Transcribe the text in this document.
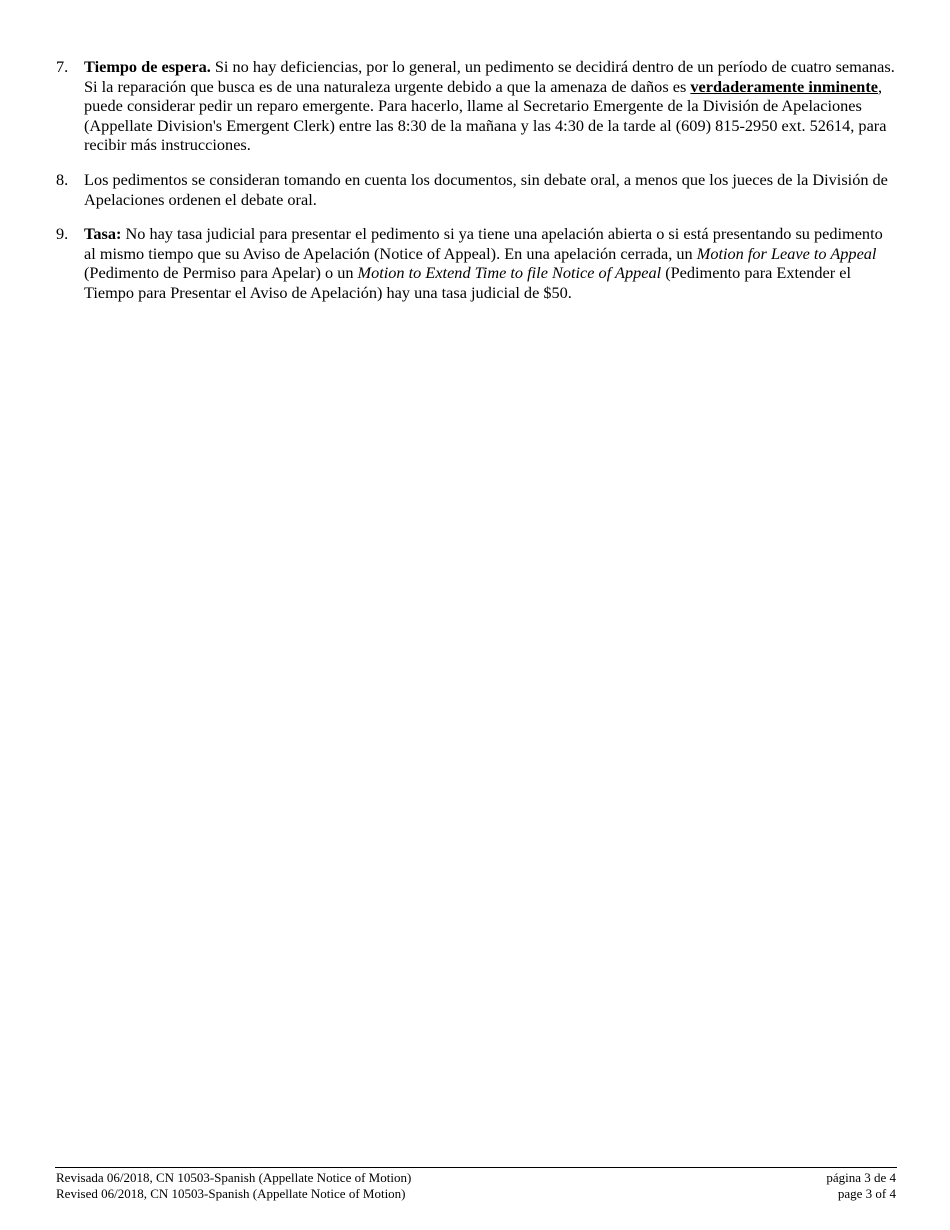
7. Tiempo de espera. Si no hay deficiencias, por lo general, un pedimento se decidirá dentro de un período de cuatro semanas. Si la reparación que busca es de una naturaleza urgente debido a que la amenaza de daños es verdaderamente inminente, puede considerar pedir un reparo emergente. Para hacerlo, llame al Secretario Emergente de la División de Apelaciones (Appellate Division's Emergent Clerk) entre las 8:30 de la mañana y las 4:30 de la tarde al (609) 815-2950 ext. 52614, para recibir más instrucciones.
8. Los pedimentos se consideran tomando en cuenta los documentos, sin debate oral, a menos que los jueces de la División de Apelaciones ordenen el debate oral.
9. Tasa: No hay tasa judicial para presentar el pedimento si ya tiene una apelación abierta o si está presentando su pedimento al mismo tiempo que su Aviso de Apelación (Notice of Appeal). En una apelación cerrada, un Motion for Leave to Appeal (Pedimento de Permiso para Apelar) o un Motion to Extend Time to file Notice of Appeal (Pedimento para Extender el Tiempo para Presentar el Aviso de Apelación) hay una tasa judicial de $50.
Revisada 06/2018, CN 10503-Spanish (Appellate Notice of Motion)	página 3 de 4
Revised 06/2018, CN 10503-Spanish (Appellate Notice of Motion)	page 3 of 4
